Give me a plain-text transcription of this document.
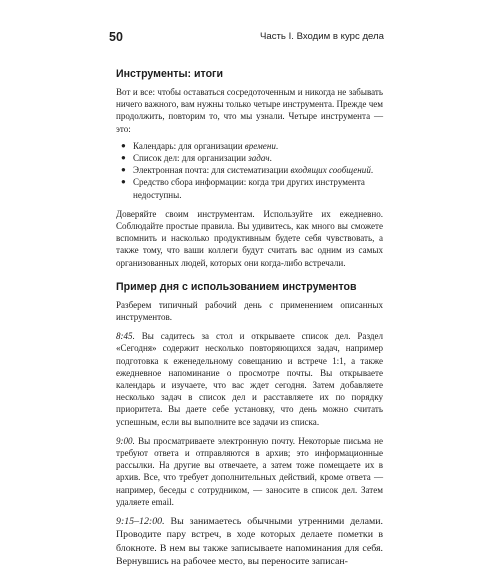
50	Часть I. Входим в курс дела
Инструменты: итоги

Вот и все: чтобы оставаться сосредоточенным и никогда не забывать ничего важного, вам нужны только четыре инструмента. Прежде чем продолжить, повторим то, что мы узнали. Четыре инструмента — это:

● Календарь: для организации времени.
● Список дел: для организации задач.
● Электронная почта: для систематизации входящих сообщений.
● Средство сбора информации: когда три других инструмента недоступны.

Доверяйте своим инструментам. Используйте их ежедневно. Соблюдайте простые правила. Вы удивитесь, как много вы сможете вспомнить и насколько продуктивным будете себя чувствовать, а также тому, что ваши коллеги будут считать вас одним из самых организованных людей, которых они когда-либо встречали.

Пример дня с использованием инструментов

Разберем типичный рабочий день с применением описанных инструментов.

8:45. Вы садитесь за стол и открываете список дел. Раздел «Сегодня» содержит несколько повторяющихся задач, например подготовка к еженедельному совещанию и встрече 1:1, а также ежедневное напоминание о просмотре почты. Вы открываете календарь и изучаете, что вас ждет сегодня. Затем добавляете несколько задач в список дел и расставляете их по порядку приоритета. Вы даете себе установку, что день можно считать успешным, если вы выполните все задачи из списка.

9:00. Вы просматриваете электронную почту. Некоторые письма не требуют ответа и отправляются в архив; это информационные рассылки. На другие вы отвечаете, а затем тоже помещаете их в архив. Все, что требует дополнительных действий, кроме ответа — например, беседы с сотрудником, — заносите в список дел. Затем удаляете email.

9:15–12:00. Вы занимаетесь обычными утренними делами. Проводите пару встреч, в ходе которых делаете пометки в блокноте. В нем вы также записываете напоминания для себя. Вернувшись на рабочее место, вы переносите записан-
